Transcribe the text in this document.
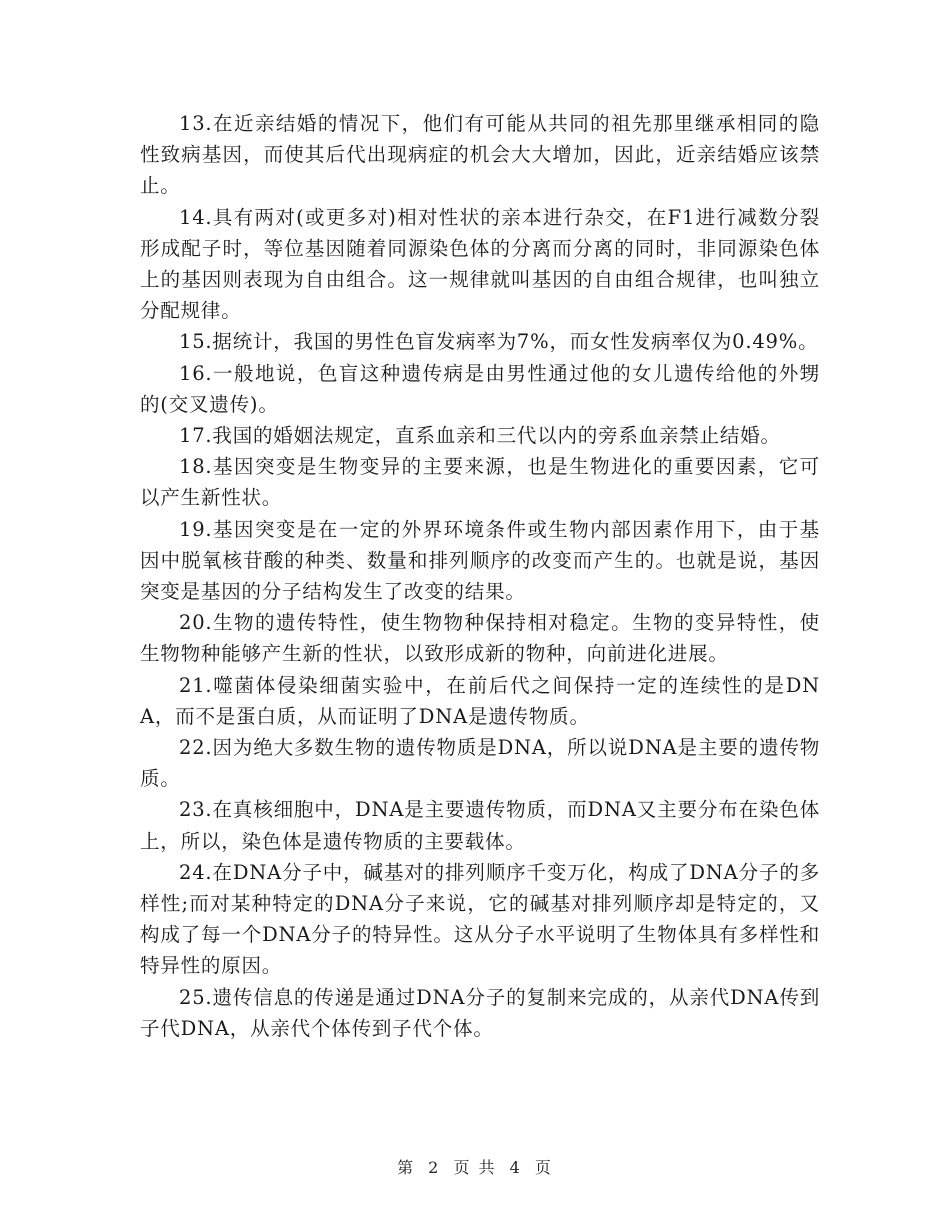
13.在近亲结婚的情况下，他们有可能从共同的祖先那里继承相同的隐性致病基因，而使其后代出现病症的机会大大增加，因此，近亲结婚应该禁止。

14.具有两对(或更多对)相对性状的亲本进行杂交，在F1进行减数分裂形成配子时，等位基因随着同源染色体的分离而分离的同时，非同源染色体上的基因则表现为自由组合。这一规律就叫基因的自由组合规律，也叫独立分配规律。

15.据统计，我国的男性色盲发病率为7%，而女性发病率仅为0.49%。

16.一般地说，色盲这种遗传病是由男性通过他的女儿遗传给他的外甥的(交叉遗传)。

17.我国的婚姻法规定，直系血亲和三代以内的旁系血亲禁止结婚。

18.基因突变是生物变异的主要来源，也是生物进化的重要因素，它可以产生新性状。

19.基因突变是在一定的外界环境条件或生物内部因素作用下，由于基因中脱氧核苷酸的种类、数量和排列顺序的改变而产生的。也就是说，基因突变是基因的分子结构发生了改变的结果。

20.生物的遗传特性，使生物物种保持相对稳定。生物的变异特性，使生物物种能够产生新的性状，以致形成新的物种，向前进化进展。

21.噬菌体侵染细菌实验中，在前后代之间保持一定的连续性的是DNA，而不是蛋白质，从而证明了DNA是遗传物质。

22.因为绝大多数生物的遗传物质是DNA，所以说DNA是主要的遗传物质。

23.在真核细胞中，DNA是主要遗传物质，而DNA又主要分布在染色体上，所以，染色体是遗传物质的主要载体。

24.在DNA分子中，碱基对的排列顺序千变万化，构成了DNA分子的多样性;而对某种特定的DNA分子来说，它的碱基对排列顺序却是特定的，又构成了每一个DNA分子的特异性。这从分子水平说明了生物体具有多样性和特异性的原因。

25.遗传信息的传递是通过DNA分子的复制来完成的，从亲代DNA传到子代DNA，从亲代个体传到子代个体。

第 2 页 共 4 页
